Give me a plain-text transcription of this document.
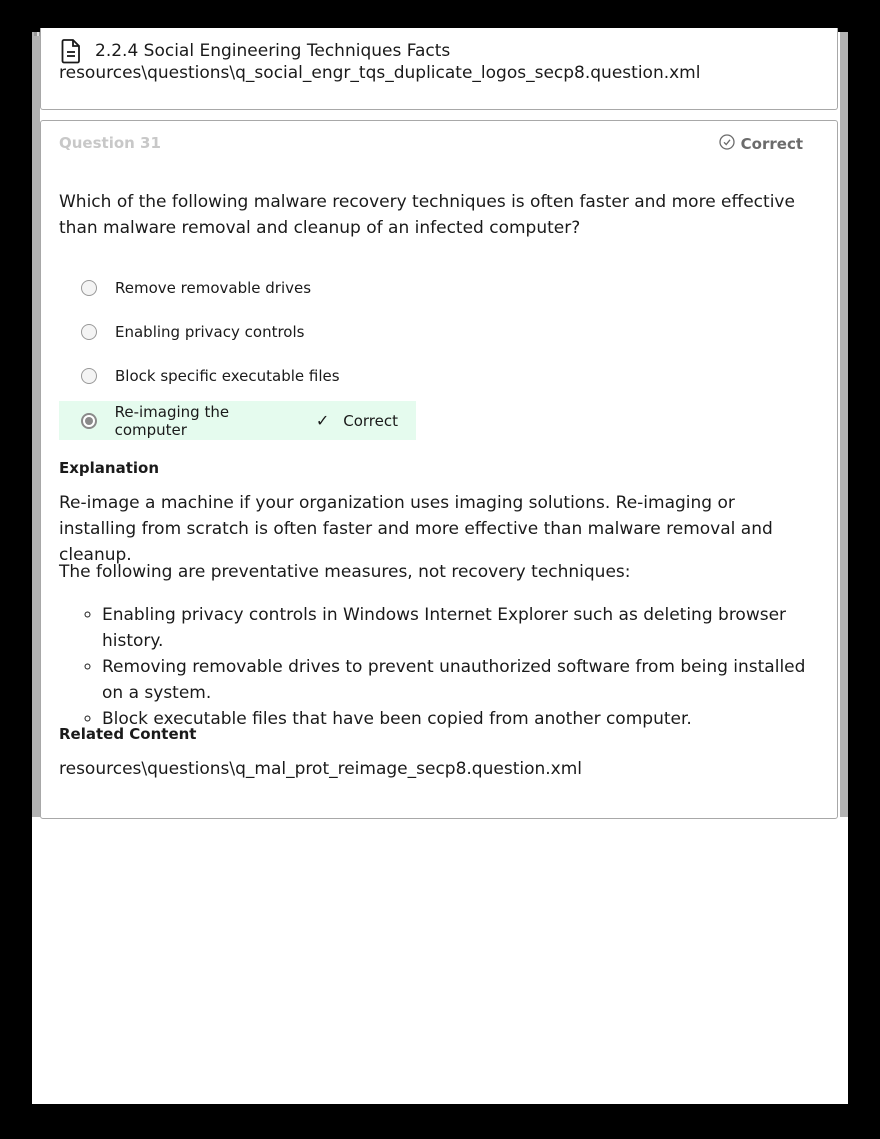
2.2.4 Social Engineering Techniques Facts
resources\questions\q_social_engr_tqs_duplicate_logos_secp8.question.xml
Question 31	Correct
Which of the following malware recovery techniques is often faster and more effective than malware removal and cleanup of an infected computer?
Remove removable drives
Enabling privacy controls
Block specific executable files
Re-imaging the computer	✓ Correct
Explanation
Re-image a machine if your organization uses imaging solutions. Re-imaging or installing from scratch is often faster and more effective than malware removal and cleanup.
The following are preventative measures, not recovery techniques:
◦ Enabling privacy controls in Windows Internet Explorer such as deleting browser history.
◦ Removing removable drives to prevent unauthorized software from being installed on a system.
◦ Block executable files that have been copied from another computer.
Related Content
resources\questions\q_mal_prot_reimage_secp8.question.xml
